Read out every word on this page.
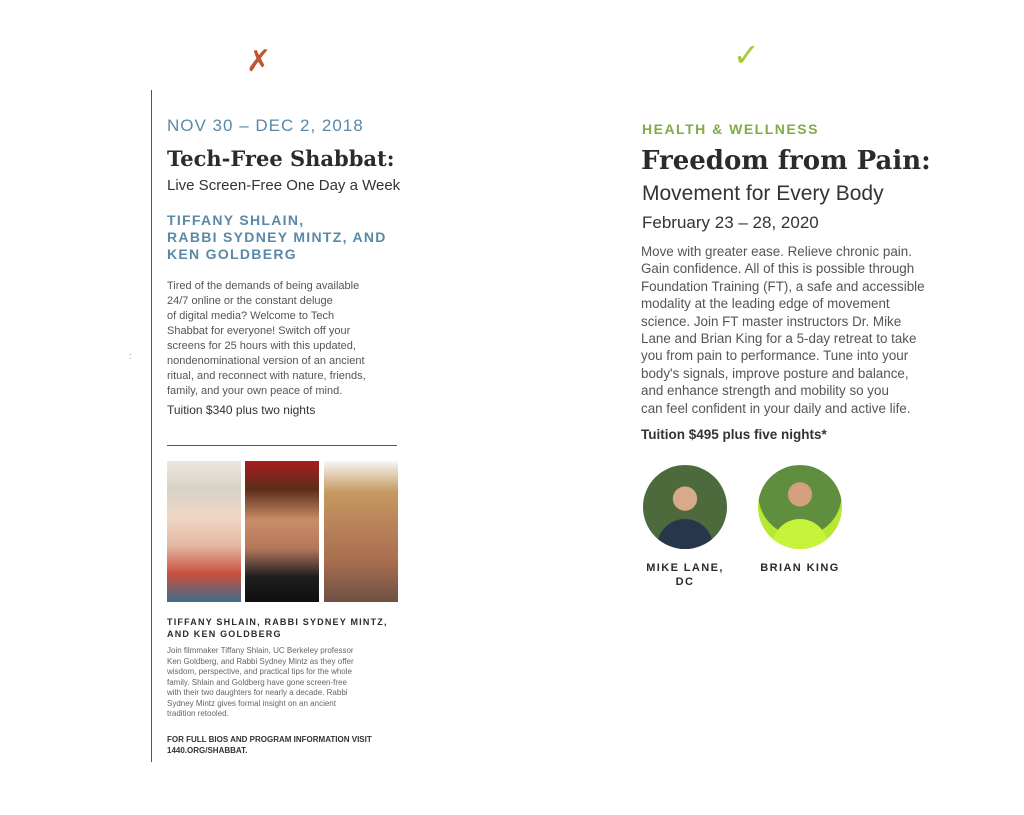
✗	✓
:
NOV 30 – DEC 2, 2018
Tech-Free Shabbat:
Live Screen-Free One Day a Week
TIFFANY SHLAIN,
RABBI SYDNEY MINTZ, AND
KEN GOLDBERG
Tired of the demands of being available
24/7 online or the constant deluge
of digital media? Welcome to Tech
Shabbat for everyone! Switch off your
screens for 25 hours with this updated,
nondenominational version of an ancient
ritual, and reconnect with nature, friends,
family, and your own peace of mind.
Tuition $340 plus two nights
TIFFANY SHLAIN, RABBI SYDNEY MINTZ,
AND KEN GOLDBERG
Join filmmaker Tiffany Shlain, UC Berkeley professor
Ken Goldberg, and Rabbi Sydney Mintz as they offer
wisdom, perspective, and practical tips for the whole
family. Shlain and Goldberg have gone screen-free
with their two daughters for nearly a decade. Rabbi
Sydney Mintz gives formal insight on an ancient
tradition retooled.
FOR FULL BIOS AND PROGRAM INFORMATION VISIT
1440.ORG/SHABBAT.
HEALTH & WELLNESS
Freedom from Pain:
Movement for Every Body
February 23 – 28, 2020
Move with greater ease. Relieve chronic pain.
Gain confidence. All of this is possible through
Foundation Training (FT), a safe and accessible
modality at the leading edge of movement
science. Join FT master instructors Dr. Mike
Lane and Brian King for a 5-day retreat to take
you from pain to performance. Tune into your
body's signals, improve posture and balance,
and enhance strength and mobility so you
can feel confident in your daily and active life.
Tuition $495 plus five nights*
MIKE LANE,
DC
BRIAN KING
